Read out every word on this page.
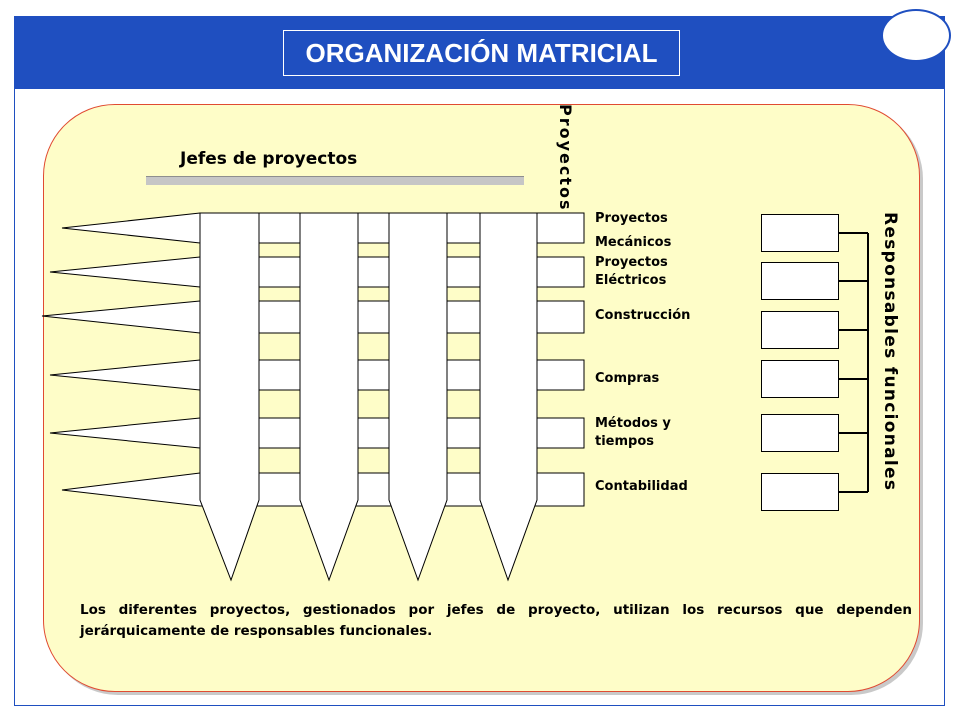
ORGANIZACIÓN MATRICIAL
Jefes de proyectos	Proyectos
Responsables funcionales
Proyectos
Mecánicos
Proyectos
Eléctricos
Construcción
Compras
Métodos y
tiempos
Contabilidad
Los diferentes proyectos, gestionados por jefes de proyecto, utilizan los recursos que dependen jerárquicamente de responsables funcionales.
